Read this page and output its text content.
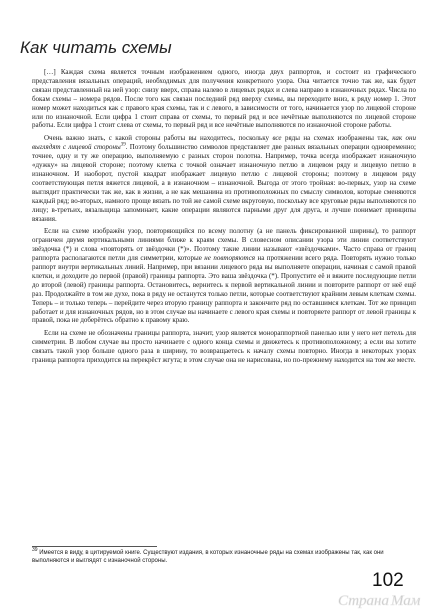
Как читать схемы

[…] Каждая схема является точным изображением одного, иногда двух раппортов, и состоит из графического представления вязальных операций, необходимых для получения конкретного узора. Она читается точно так же, как будет связан представленный на ней узор: снизу вверх, справа налево в лицевых рядах и слева направо в изнаночных рядах. Числа по бокам схемы – номера рядов. После того как связан последний ряд вверху схемы, вы переходите вниз, к ряду номер 1. Этот номер может находиться как с правого края схемы, так и с левого, в зависимости от того, начинается узор по лицевой стороне или по изнаночной. Если цифра 1 стоит справа от схемы, то первый ряд и все нечётные выполняются по лицевой стороне работы. Если цифра 1 стоит слева от схемы, то первый ряд и все нечётные выполняются по изнаночной стороне работы.

Очень важно знать, с какой стороны работы вы находитесь, поскольку все ряды на схемах изображены так, как они выглядят с лицевой стороны$^{39}$. Поэтому большинство символов представляет две разных вязальных операции одновременно; точнее, одну и ту же операцию, выполняемую с разных сторон полотна. Например, точка всегда изображает изнаночную «дужку» на лицевой стороне; поэтому клетка с точкой означает изнаночную петлю в лицевом ряду и лицевую петлю в изнаночном. И наоборот, пустой квадрат изображает лицевую петлю с лицевой стороны; поэтому в лицевом ряду соответствующая петля вяжется лицевой, а в изнаночном – изнаночной. Выгода от этого тройная: во-первых, узор на схеме выглядит практически так же, как в жизни, а не как мешанина из противоположных по смыслу символов, которые сменяются каждый ряд; во-вторых, намного проще вязать по той же самой схеме вкруговую, поскольку все круговые ряды выполняются по лицу; в-третьих, вязальщица запоминает, какие операции являются парными друг для друга, и лучше понимает принципы вязания.

Если на схеме изображён узор, повторяющийся по всему полотну (а не панель фиксированной ширины), то раппорт ограничен двумя вертикальными линиями ближе к краям схемы. В словесном описании узора эти линии соответствуют звёздочка (*) и слова «повторять от звёздочки (*)». Поэтому такие линии называют «звёздочками». Часто справа от границ раппорта располагаются петли для симметрии, которые не повторяются на протяжении всего ряда. Повторять нужно только раппорт внутри вертикальных линий. Например, при вязании лицевого ряда вы выполняете операции, начиная с самой правой клетки, и доходите до первой (правой) границы раппорта. Это ваша звёздочка (*). Пропустите её и вяжите последующие петли до второй (левой) границы раппорта. Остановитесь, вернитесь к первой вертикальной линии и повторите раппорт от неё ещё раз. Продолжайте в том же духе, пока в ряду не останутся только петли, которые соответствуют крайним левым клеткам схемы. Теперь – и только теперь – перейдите через вторую границу раппорта и закончите ряд по оставшимся клеткам. Тот же принцип работает и для изнаночных рядов, но в этом случае вы начинаете с левого края схемы и повторяете раппорт от левой границы к правой, пока не доберётесь обратно к правому краю.

Если на схеме не обозначены границы раппорта, значит, узор является монораппортной панелью или у него нет петель для симметрии. В любом случае вы просто начинаете с одного конца схемы и движетесь к противоположному; а если вы хотите связать такой узор больше одного раза в ширину, то возвращаетесь к началу схемы повторно. Иногда в некоторых узорах граница раппорта приходится на перекрёст жгута; в этом случае она не нарисована, но по-прежнему находится на том же месте.

$^{39}$ Имеется в виду, в цитируемой книге. Существуют издания, в которых изнаночные ряды на схемах изображены так, как они выполняются и выглядят с изнаночной стороны.
102
Страна Мам
